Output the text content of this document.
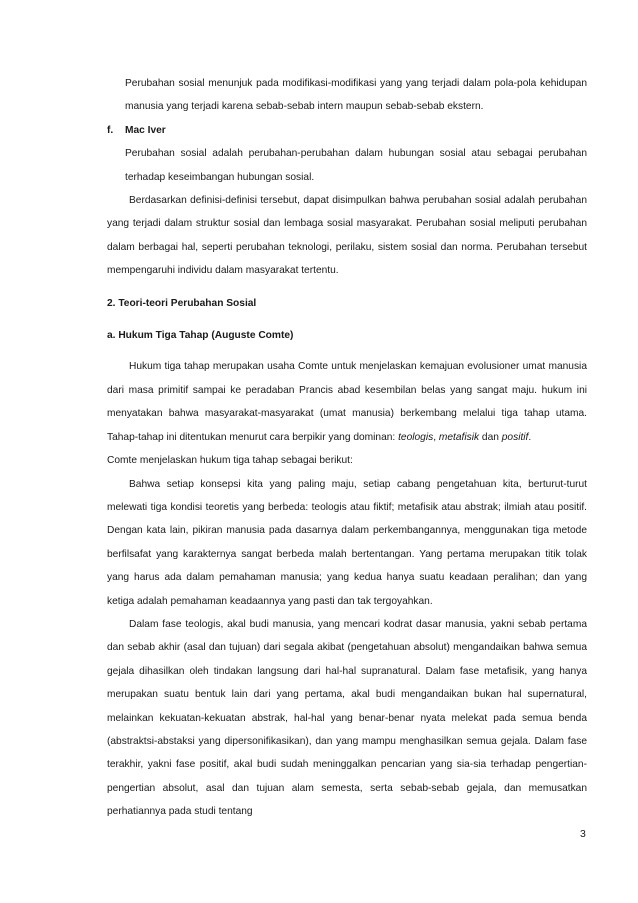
Perubahan sosial menunjuk pada modifikasi-modifikasi yang yang terjadi dalam pola-pola kehidupan manusia yang terjadi karena sebab-sebab intern maupun sebab-sebab ekstern.

f. Mac Iver

Perubahan sosial adalah perubahan-perubahan dalam hubungan sosial atau sebagai perubahan terhadap keseimbangan hubungan sosial.

Berdasarkan definisi-definisi tersebut, dapat disimpulkan bahwa perubahan sosial adalah perubahan yang terjadi dalam struktur sosial dan lembaga sosial masyarakat. Perubahan sosial meliputi perubahan dalam berbagai hal, seperti perubahan teknologi, perilaku, sistem sosial dan norma. Perubahan tersebut mempengaruhi individu dalam masyarakat tertentu.

2. Teori-teori Perubahan Sosial

a. Hukum Tiga Tahap (Auguste Comte)

Hukum tiga tahap merupakan usaha Comte untuk menjelaskan kemajuan evolusioner umat manusia dari masa primitif sampai ke peradaban Prancis abad kesembilan belas yang sangat maju. hukum ini menyatakan bahwa masyarakat-masyarakat (umat manusia) berkembang melalui tiga tahap utama. Tahap-tahap ini ditentukan menurut cara berpikir yang dominan: teologis, metafisik dan positif.

Comte menjelaskan hukum tiga tahap sebagai berikut:

Bahwa setiap konsepsi kita yang paling maju, setiap cabang pengetahuan kita, berturut-turut melewati tiga kondisi teoretis yang berbeda: teologis atau fiktif; metafisik atau abstrak; ilmiah atau positif. Dengan kata lain, pikiran manusia pada dasarnya dalam perkembangannya, menggunakan tiga metode berfilsafat yang karakternya sangat berbeda malah bertentangan. Yang pertama merupakan titik tolak yang harus ada dalam pemahaman manusia; yang kedua hanya suatu keadaan peralihan; dan yang ketiga adalah pemahaman keadaannya yang pasti dan tak tergoyahkan.

Dalam fase teologis, akal budi manusia, yang mencari kodrat dasar manusia, yakni sebab pertama dan sebab akhir (asal dan tujuan) dari segala akibat (pengetahuan absolut) mengandaikan bahwa semua gejala dihasilkan oleh tindakan langsung dari hal-hal supranatural. Dalam fase metafisik, yang hanya merupakan suatu bentuk lain dari yang pertama, akal budi mengandaikan bukan hal supernatural, melainkan kekuatan-kekuatan abstrak, hal-hal yang benar-benar nyata melekat pada semua benda (abstraktsi-abstaksi yang dipersonifikasikan), dan yang mampu menghasilkan semua gejala. Dalam fase terakhir, yakni fase positif, akal budi sudah meninggalkan pencarian yang sia-sia terhadap pengertian-pengertian absolut, asal dan tujuan alam semesta, serta sebab-sebab gejala, dan memusatkan perhatiannya pada studi tentang

3
